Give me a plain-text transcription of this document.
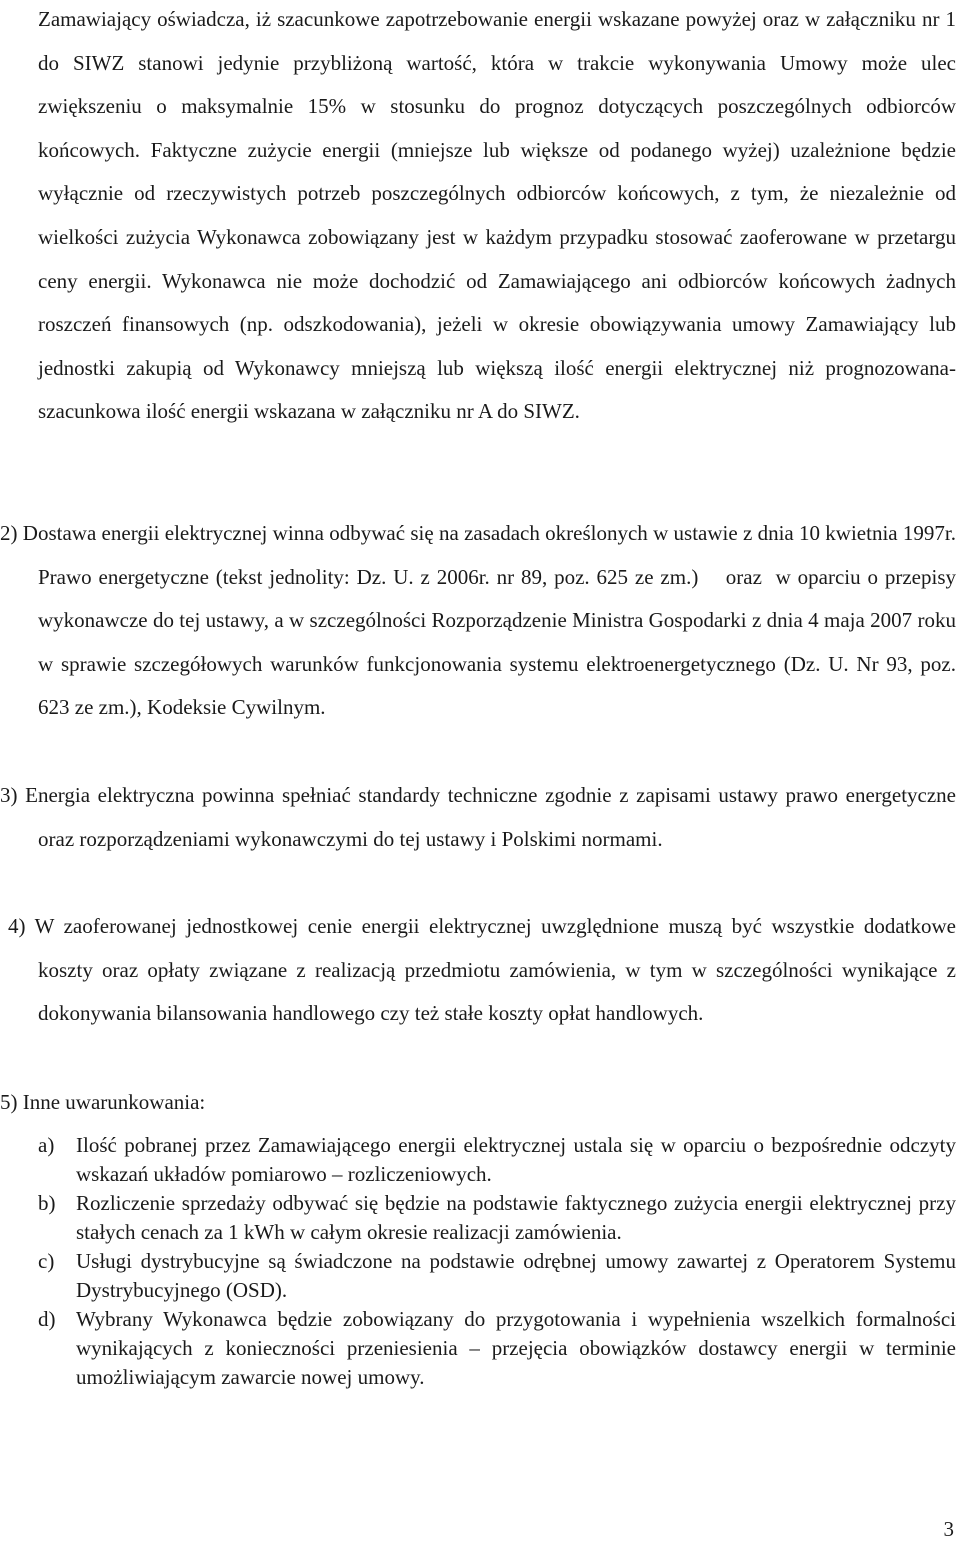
Zamawiający oświadcza, iż szacunkowe zapotrzebowanie energii wskazane powyżej oraz w załączniku nr 1 do SIWZ stanowi jedynie przybliżoną wartość, która w trakcie wykonywania Umowy może ulec zwiększeniu o maksymalnie 15% w stosunku do prognoz dotyczących poszczególnych odbiorców końcowych. Faktyczne zużycie energii (mniejsze lub większe od podanego wyżej) uzależnione będzie wyłącznie od rzeczywistych potrzeb poszczególnych odbiorców końcowych, z tym, że niezależnie od wielkości zużycia Wykonawca zobowiązany jest w każdym przypadku stosować zaoferowane w przetargu ceny energii. Wykonawca nie może dochodzić od Zamawiającego ani odbiorców końcowych żadnych roszczeń finansowych (np. odszkodowania), jeżeli w okresie obowiązywania umowy Zamawiający lub jednostki zakupią od Wykonawcy mniejszą lub większą ilość energii elektrycznej niż prognozowana- szacunkowa ilość energii wskazana w załączniku nr A do SIWZ.

2) Dostawa energii elektrycznej winna odbywać się na zasadach określonych w ustawie z dnia 10 kwietnia 1997r. Prawo energetyczne (tekst jednolity: Dz. U. z 2006r. nr 89, poz. 625 ze zm.)    oraz  w oparciu o przepisy wykonawcze do tej ustawy, a w szczególności Rozporządzenie Ministra Gospodarki z dnia 4 maja 2007 roku w sprawie szczegółowych warunków funkcjonowania systemu elektroenergetycznego (Dz. U. Nr 93, poz. 623 ze zm.), Kodeksie Cywilnym.
3) Energia elektryczna powinna spełniać standardy techniczne zgodnie z zapisami ustawy prawo energetyczne oraz rozporządzeniami wykonawczymi do tej ustawy i Polskimi normami.
4) W zaoferowanej jednostkowej cenie energii elektrycznej uwzględnione muszą być wszystkie dodatkowe koszty oraz opłaty związane z realizacją przedmiotu zamówienia, w tym w szczególności wynikające z dokonywania bilansowania handlowego czy też stałe koszty opłat handlowych.

5) Inne uwarunkowania:

a) Ilość pobranej przez Zamawiającego energii elektrycznej ustala się w oparciu o bezpośrednie odczyty wskazań układów pomiarowo – rozliczeniowych.
b) Rozliczenie sprzedaży odbywać się będzie na podstawie faktycznego zużycia energii elektrycznej przy stałych cenach za 1 kWh w całym okresie realizacji zamówienia.
c) Usługi dystrybucyjne są świadczone na podstawie odrębnej umowy zawartej z Operatorem Systemu Dystrybucyjnego (OSD).
d) Wybrany Wykonawca będzie zobowiązany do przygotowania i wypełnienia wszelkich formalności wynikających z konieczności przeniesienia – przejęcia obowiązków dostawcy energii w terminie umożliwiającym zawarcie nowej umowy.
3
